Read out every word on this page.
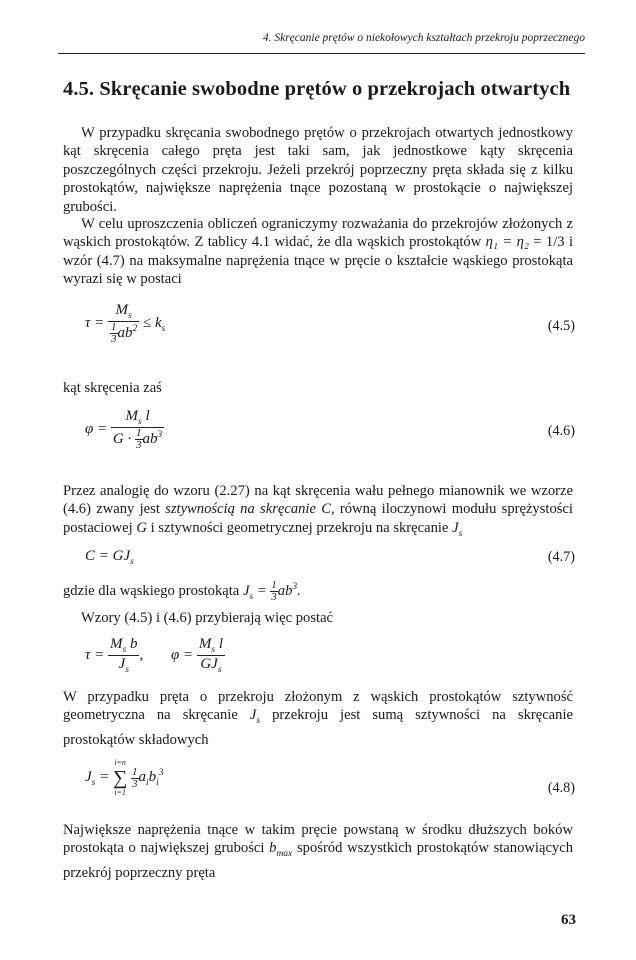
4. Skręcanie prętów o niekołowych kształtach przekroju poprzecznego
4.5. Skręcanie swobodne prętów o przekrojach otwartych
W przypadku skręcania swobodnego prętów o przekrojach otwartych jednostkowy kąt skręcenia całego pręta jest taki sam, jak jednostkowe kąty skręcenia poszczególnych części przekroju. Jeżeli przekrój poprzeczny pręta składa się z kilku prostokątów, największe naprężenia tnące pozostaną w prostokącie o największej grubości.
W celu uproszczenia obliczeń ograniczymy rozważania do przekrojów złożonych z wąskich prostokątów. Z tablicy 4.1 widać, że dla wąskich prostokątów η₁ = η₂ = 1/3 i wzór (4.7) na maksymalne naprężenia tnące w pręcie o kształcie wąskiego prostokąta wyrazi się w postaci
$\tau = \frac{M_s}{\frac{1}{3} ab^2} \le k_s$	(4.5)
kąt skręcenia zaś
$\varphi = \frac{M_s l}{G \cdot \frac{1}{3} ab^3}$	(4.6)
Przez analogię do wzoru (2.27) na kąt skręcenia wału pełnego mianownik we wzorze (4.6) zwany jest sztywnością na skręcanie C, równą iloczynowi modułu sprężystości postaciowej G i sztywności geometrycznej przekroju na skręcanie $J_s$
$C = GJ_s$	(4.7)
gdzie dla wąskiego prostokąta $J_s = \frac{1}{3} ab^3$.
Wzory (4.5) i (4.6) przybierają więc postać
$\tau = \frac{M_s b}{J_s}$ , $\varphi = \frac{M_s l}{GJ_s}$
W przypadku pręta o przekroju złożonym z wąskich prostokątów sztywność geometryczna na skręcanie $J_s$ przekroju jest sumą sztywności na skręcanie prostokątów składowych
$J_s$ =
i=n
∑
i=1

$\frac{1}{3} a_ib_i^3$
(4.8)
Największe naprężenia tnące w takim pręcie powstaną w środku dłuższych boków prostokąta o największej grubości $b_{max}$ spośród wszystkich prostokątów stanowiących przekrój poprzeczny pręta
63
